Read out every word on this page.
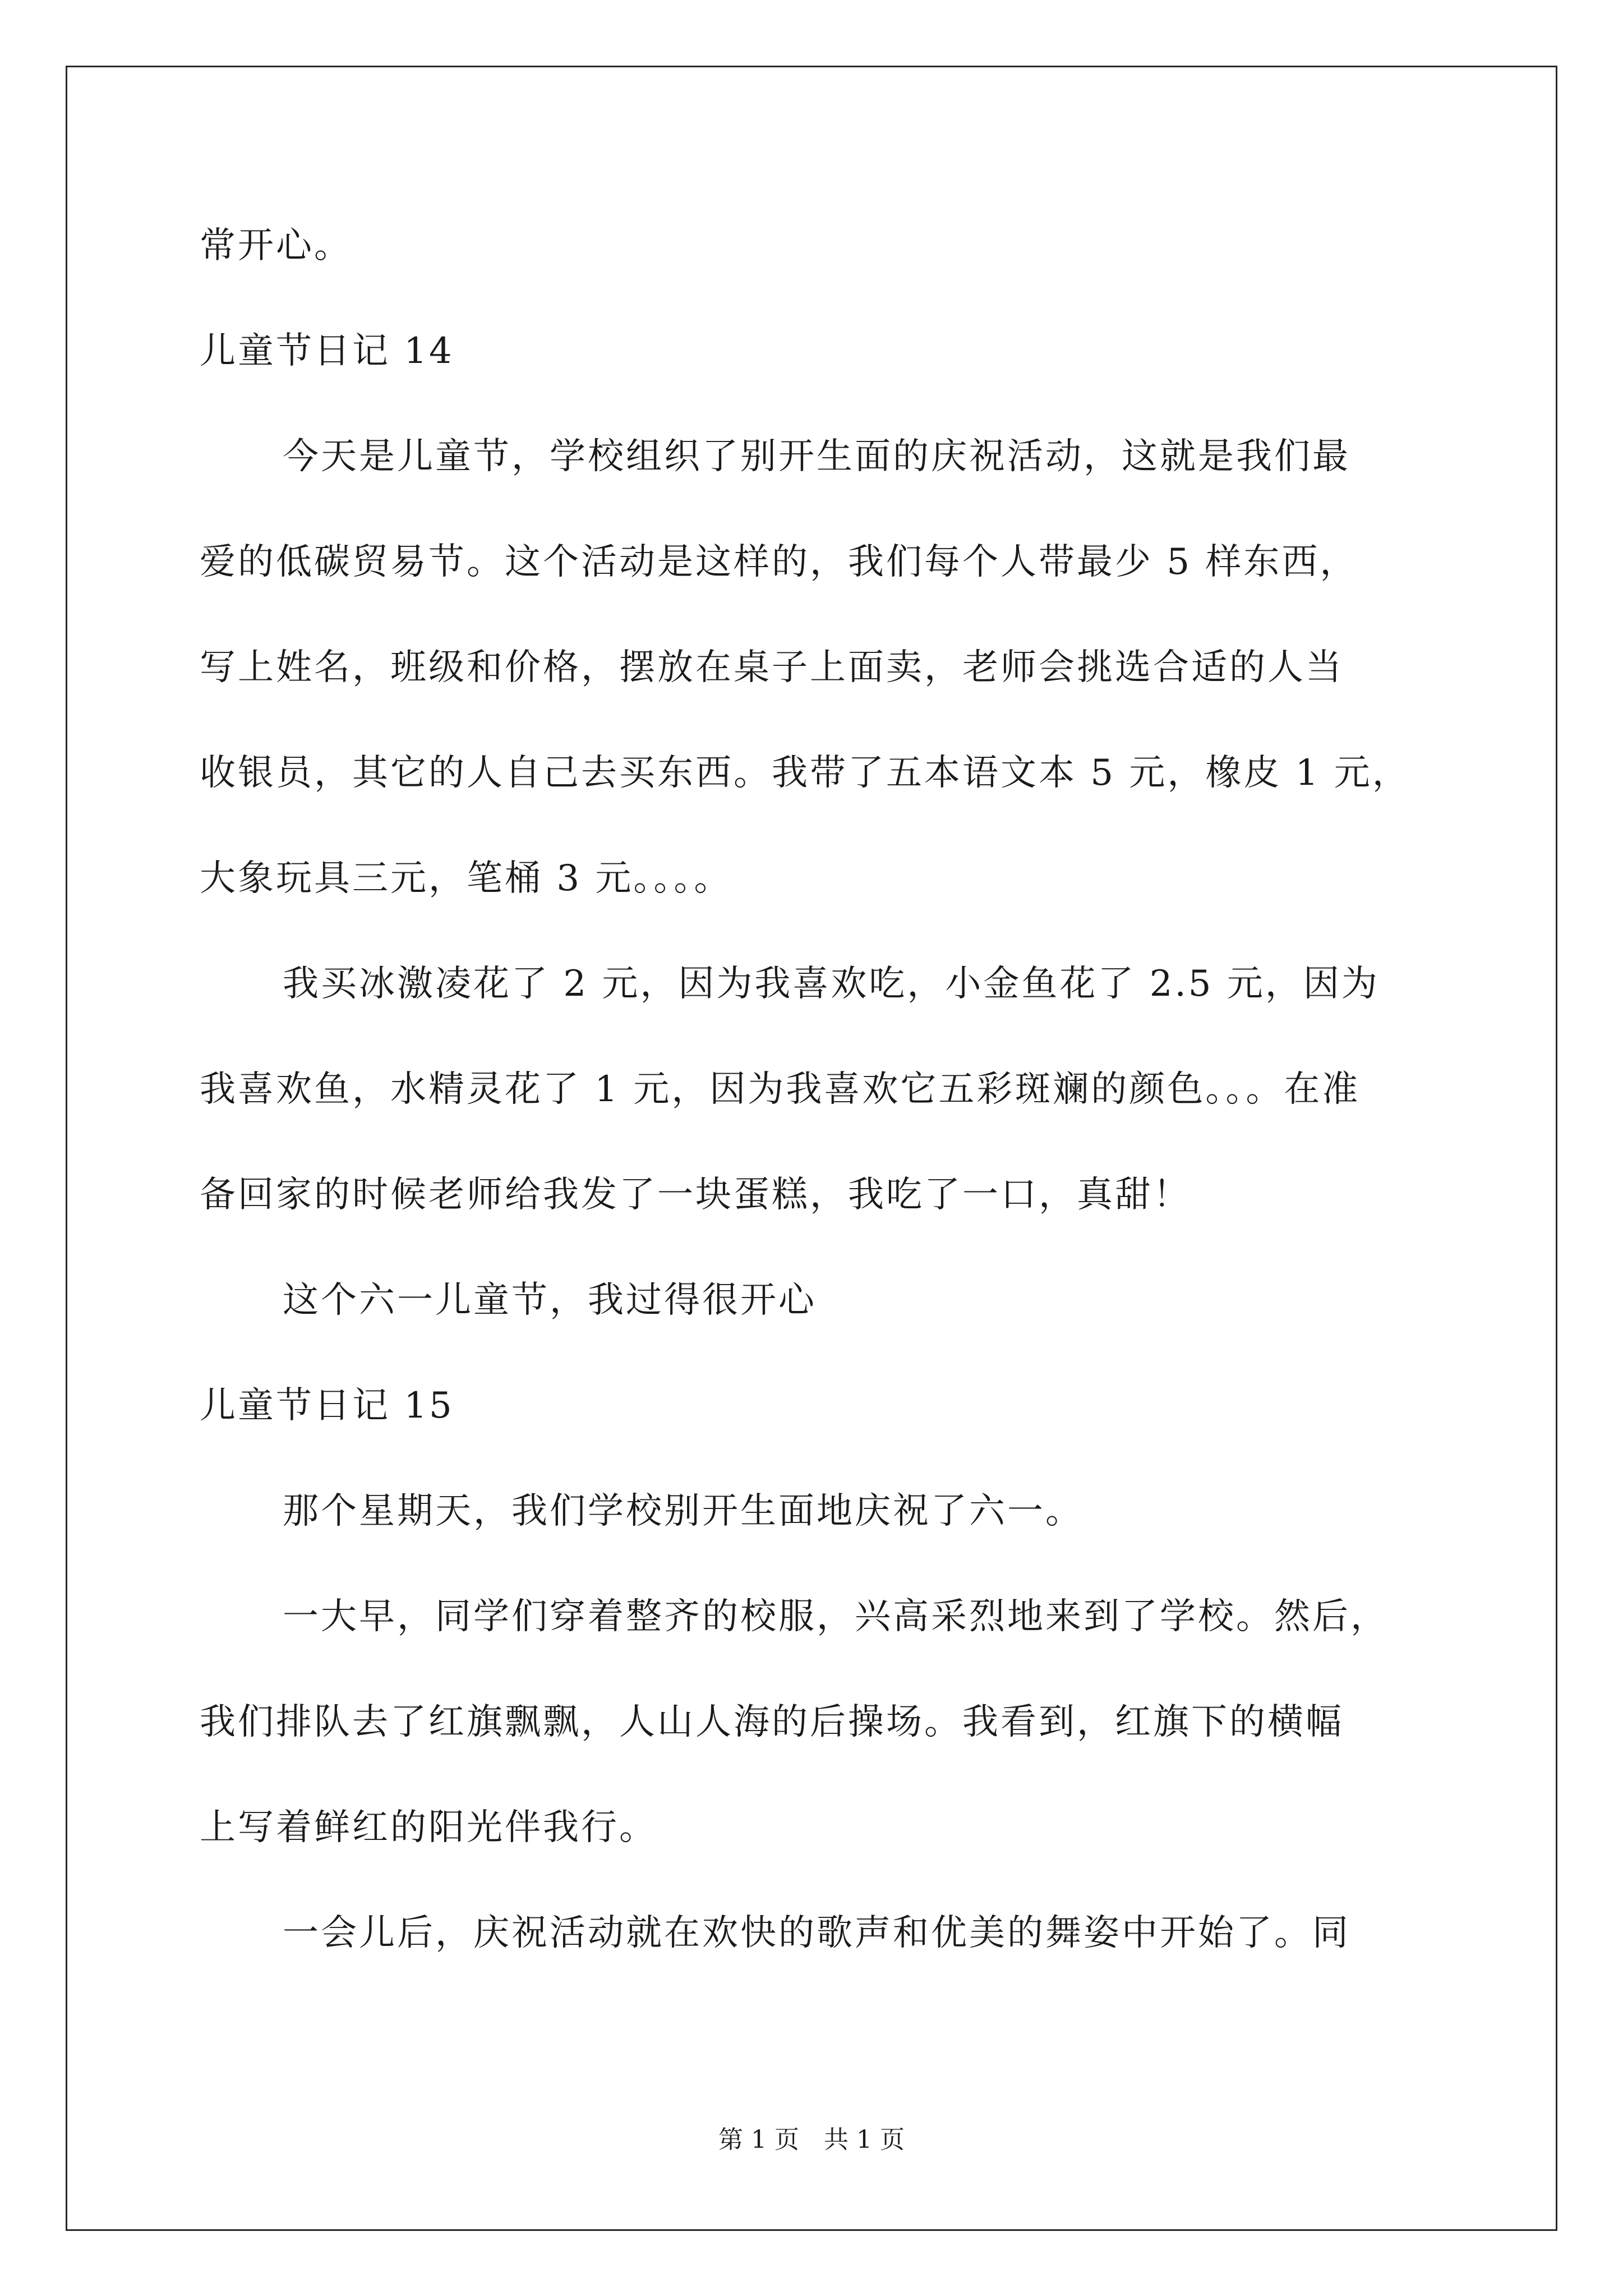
常开心。
儿童节日记 14
今天是儿童节，学校组织了别开生面的庆祝活动，这就是我们最
爱的低碳贸易节。这个活动是这样的，我们每个人带最少 5 样东西，
写上姓名，班级和价格，摆放在桌子上面卖，老师会挑选合适的人当
收银员，其它的人自己去买东西。我带了五本语文本 5 元，橡皮 1 元，
大象玩具三元，笔桶 3 元。。。。
我买冰激凌花了 2 元，因为我喜欢吃，小金鱼花了 2.5 元，因为
我喜欢鱼，水精灵花了 1 元，因为我喜欢它五彩斑斓的颜色。。。在准
备回家的时候老师给我发了一块蛋糕，我吃了一口，真甜！
这个六一儿童节，我过得很开心
儿童节日记 15
那个星期天，我们学校别开生面地庆祝了六一。
一大早，同学们穿着整齐的校服，兴高采烈地来到了学校。然后，
我们排队去了红旗飘飘，人山人海的后操场。我看到，红旗下的横幅
上写着鲜红的阳光伴我行。
一会儿后，庆祝活动就在欢快的歌声和优美的舞姿中开始了。同
第 1 页 共 1 页
